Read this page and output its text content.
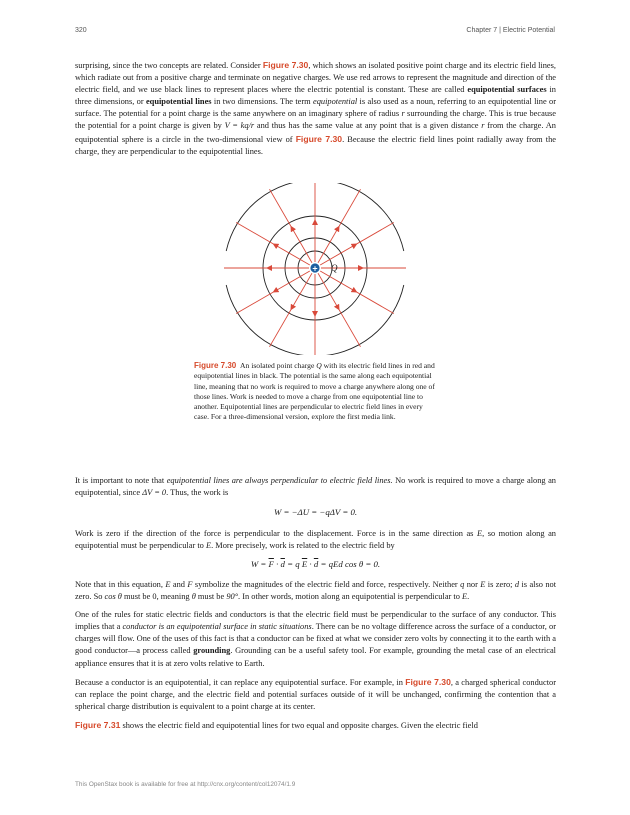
320	Chapter 7 | Electric Potential

surprising, since the two concepts are related. Consider Figure 7.30, which shows an isolated positive point charge and its electric field lines, which radiate out from a positive charge and terminate on negative charges. We use red arrows to represent the magnitude and direction of the electric field, and we use black lines to represent places where the electric potential is constant. These are called equipotential surfaces in three dimensions, or equipotential lines in two dimensions. The term equipotential is also used as a noun, referring to an equipotential line or surface. The potential for a point charge is the same anywhere on an imaginary sphere of radius r surrounding the charge. This is true because the potential for a point charge is given by V = kq/r and thus has the same value at any point that is a given distance r from the charge. An equipotential sphere is a circle in the two-dimensional view of Figure 7.30. Because the electric field lines point radially away from the charge, they are perpendicular to the equipotential lines.

+ Q
Figure 7.30 An isolated point charge Q with its electric field lines in red and equipotential lines in black. The potential is the same along each equipotential line, meaning that no work is required to move a charge anywhere along one of those lines. Work is needed to move a charge from one equipotential line to another. Equipotential lines are perpendicular to electric field lines in every case. For a three-dimensional version, explore the first media link.

It is important to note that equipotential lines are always perpendicular to electric field lines. No work is required to move a charge along an equipotential, since ΔV = 0. Thus, the work is

W = −ΔU = −qΔV = 0.

Work is zero if the direction of the force is perpendicular to the displacement. Force is in the same direction as E, so motion along an equipotential must be perpendicular to E. More precisely, work is related to the electric field by

$W = \overline{F} \cdot \overline{d} = q$ $\overline{E} \cdot \overline{d}$ = qEd cos θ = 0.

Note that in this equation, E and F symbolize the magnitudes of the electric field and force, respectively. Neither q nor E is zero; d is also not zero. So cos θ must be 0, meaning θ must be 90°. In other words, motion along an equipotential is perpendicular to E.

One of the rules for static electric fields and conductors is that the electric field must be perpendicular to the surface of any conductor. This implies that a conductor is an equipotential surface in static situations. There can be no voltage difference across the surface of a conductor, or charges will flow. One of the uses of this fact is that a conductor can be fixed at what we consider zero volts by connecting it to the earth with a good conductor—a process called grounding. Grounding can be a useful safety tool. For example, grounding the metal case of an electrical appliance ensures that it is at zero volts relative to Earth.

Because a conductor is an equipotential, it can replace any equipotential surface. For example, in Figure 7.30, a charged spherical conductor can replace the point charge, and the electric field and potential surfaces outside of it will be unchanged, confirming the contention that a spherical charge distribution is equivalent to a point charge at its center.

Figure 7.31 shows the electric field and equipotential lines for two equal and opposite charges. Given the electric field

This OpenStax book is available for free at http://cnx.org/content/col12074/1.9
